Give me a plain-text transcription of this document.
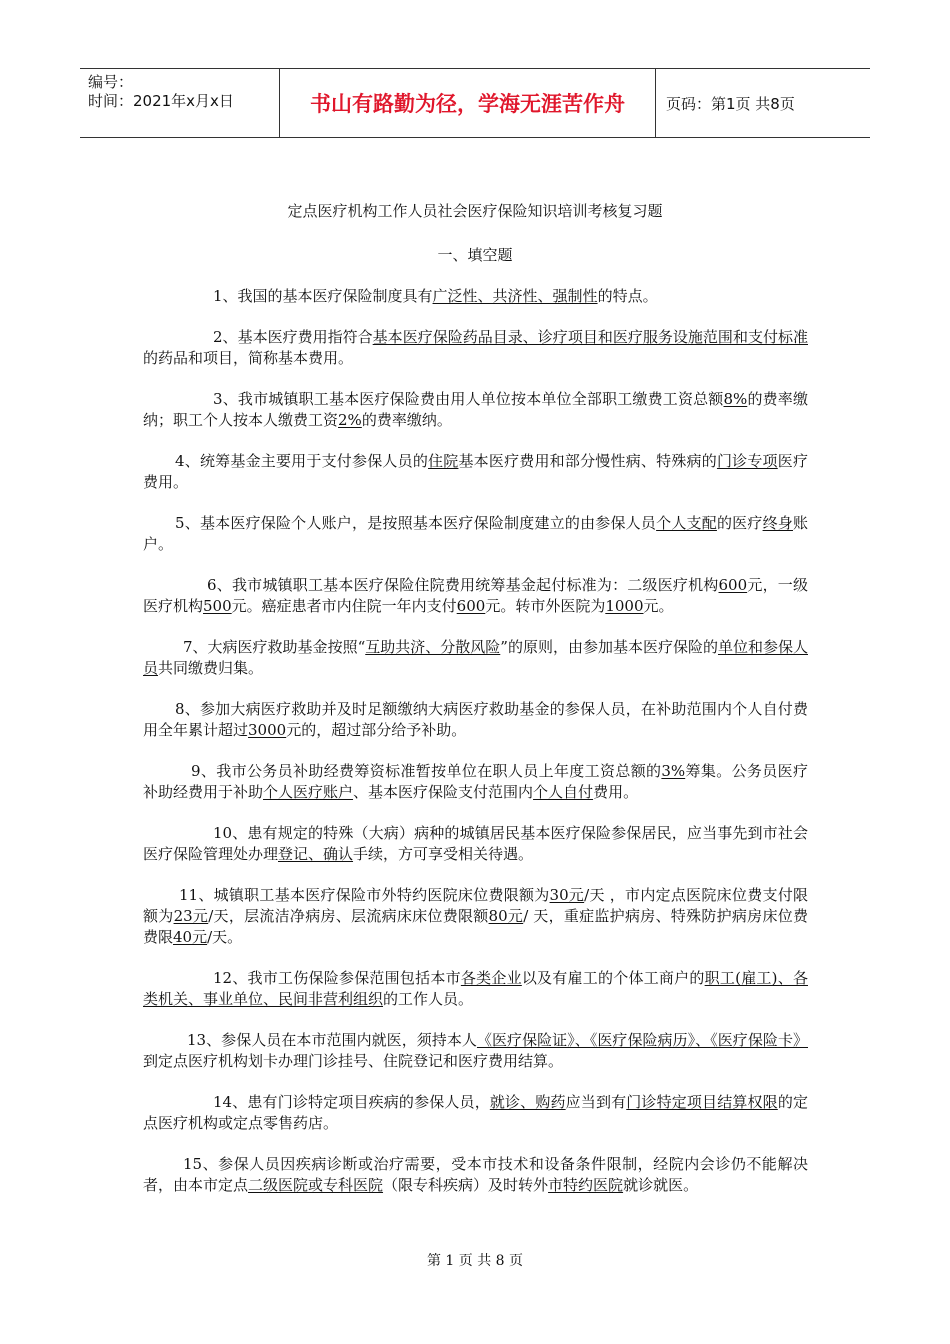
编号：
时间：2021年x月x日	书山有路勤为径，学海无涯苦作舟	页码：第1页 共8页
定点医疗机构工作人员社会医疗保险知识培训考核复习题
一、填空题
1、我国的基本医疗保险制度具有广泛性、共济性、强制性的特点。
2、基本医疗费用指符合基本医疗保险药品目录、诊疗项目和医疗服务设施范围和支付标准的药品和项目，简称基本费用。
3、我市城镇职工基本医疗保险费由用人单位按本单位全部职工缴费工资总额8%的费率缴纳；职工个人按本人缴费工资2%的费率缴纳。
4、统筹基金主要用于支付参保人员的住院基本医疗费用和部分慢性病、特殊病的门诊专项医疗费用。
5、基本医疗保险个人账户，是按照基本医疗保险制度建立的由参保人员个人支配的医疗终身账户。
6、我市城镇职工基本医疗保险住院费用统筹基金起付标准为：二级医疗机构600元，一级医疗机构500元。癌症患者市内住院一年内支付600元。转市外医院为1000元。
7、大病医疗救助基金按照“互助共济、分散风险”的原则，由参加基本医疗保险的单位和参保人员共同缴费归集。
8、参加大病医疗救助并及时足额缴纳大病医疗救助基金的参保人员，在补助范围内个人自付费用全年累计超过3000元的，超过部分给予补助。
9、我市公务员补助经费筹资标准暂按单位在职人员上年度工资总额的3%筹集。公务员医疗补助经费用于补助个人医疗账户、基本医疗保险支付范围内个人自付费用。
10、患有规定的特殊（大病）病种的城镇居民基本医疗保险参保居民，应当事先到市社会医疗保险管理处办理登记、确认手续，方可享受相关待遇。
11、城镇职工基本医疗保险市外特约医院床位费限额为30元/天 ，市内定点医院床位费支付限额为23元/天，层流洁净病房、层流病床床位费限额80元/ 天，重症监护病房、特殊防护病房床位费费限40元/天。
12、我市工伤保险参保范围包括本市各类企业以及有雇工的个体工商户的职工(雇工)、各类机关、事业单位、民间非营利组织的工作人员。
13、参保人员在本市范围内就医，须持本人《医疗保险证》、《医疗保险病历》、《医疗保险卡》到定点医疗机构划卡办理门诊挂号、住院登记和医疗费用结算。
14、患有门诊特定项目疾病的参保人员，就诊、购药应当到有门诊特定项目结算权限的定点医疗机构或定点零售药店。
15、参保人员因疾病诊断或治疗需要，受本市技术和设备条件限制，经院内会诊仍不能解决者，由本市定点二级医院或专科医院（限专科疾病）及时转外市特约医院就诊就医。
第 1 页 共 8 页
